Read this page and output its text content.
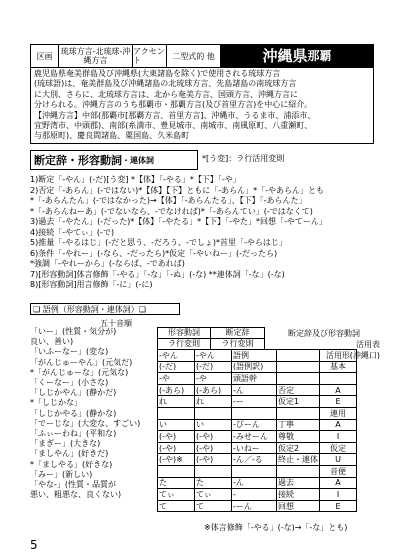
区画	琉球方言-北琉球-沖縄方言
アクセント	二型式的 他	沖縄県 那覇
鹿児島県奄美群島及び沖縄県(大東諸島を除く)で使用される琉球方言
(琉球語)は、奄美群島及び沖縄諸島の北琉球方言、先島諸島の南琉球方言
に大別、さらに、北琉球方言は、北から奄美方言、国頭方言、沖縄方言に
分けられる。沖縄方言のうち那覇市・那覇方言(及び首里方言)を中心に紹介。
【沖縄方言】中部(那覇市[那覇方言、首里方言]、沖縄市、うるま市、浦添市、
宜野湾市、中頭郡)、南部(糸満市、豊見城市、南城市、南風原町、八重瀬町、
与那原町)、慶良間諸島、粟国島、久米島町
断定辞・形容動詞 ・連体詞	*[う変]：ラ行活用変則
1)断定「-やん」(-だ)[う変] *【体】「-やる」*【下】「-や」
2)否定「-あらん」(-ではない)*【体】【下】ともに「-あらん」*「-やあらん」とも
*「-あらんたん」(-ではなかった)→【体】「-あらんたる」、【下】「-あらんた」
*「-あらんねーあ」(-でないなら、-でなければ)*「-あらんてい」(-ではなくて)
3)過去「-やたん」(-だった)*【体】「-やたる」*【下】「-やた」*回想「-やてーん」
4)接続「-やてぃ」(-で)
5)推量「-やるはじ」(-だと思う、-だろう、-でしょ)*首里「-やらはじ」
6)条件「-やれー」(-なら、-だったら)*仮定「-やいねー」(-だったら)
*強調「-やれーから」(-ならば、-であれば)
7)[形容動詞]体言修飾「-やる」「-な」「-ぬ」(-な) **連体詞「-な」(-な)
8)[形容動詞]用言修飾「-に」(-に)
❏ 語例（形容動詞・連体詞）❏
五十音順
「いー」(性質・気分が)
良い、善い)
「いふーなー」(変な)
「がんじゅーやん」(元気だ)
*「がんじゅーな」(元気な)
「くーなー」(小さな)
「しじかやん」(静かだ)
*「しじかな」
「しじかやる」(静かな)
「でーじな」(大変な、すごい)
「ふぃーわね」(平和な)
「まぎー」(大きな)
「ましやん」(好きだ)
*「ましやる」(好きな)
「みー」(新しい)
「やな-」(性質・品質が
悪い、粗悪な、良くない)
形容動詞	断定辞
ラ行変則	ラ行変則
断定辞及び形容動詞
活用表
(沖縄口)
-やん	-やん	語例		活用形
(-だ)	(-だ)	(語例訳)		基本
-や	-や	頭語幹		
(-あら)	(-あら)	-ん	否定	A
れ	れ	-ー	仮定1	E
				連用
い	い	-びーん	丁寧	A
(-や)	(-や)	-みせーん	尊敬	I
(-や)	(-や)	-いねー	仮定2	仮定
(-や)※	(-や)	-ん／-る	終止・連体	U
				音便
た	た	-ん	過去	A
てぃ	てぃ	-	接続	I
て	て	-ーん	回想	E
※体言修飾「-やる」(-な)→「-な」とも)
5
